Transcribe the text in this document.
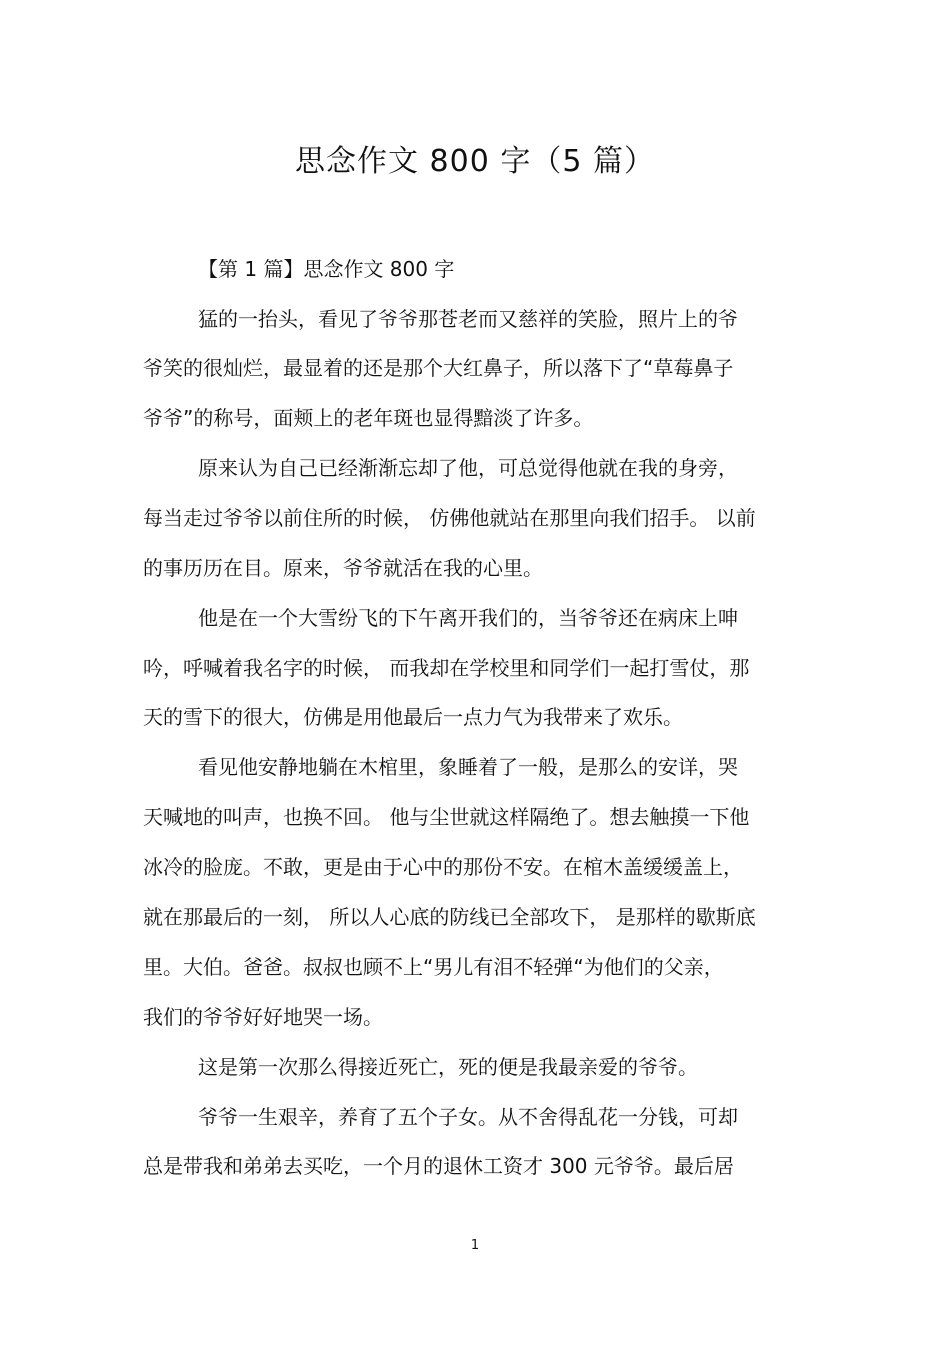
思念作文 800 字（5 篇）
【第 1 篇】思念作文 800 字
猛的一抬头，看见了爷爷那苍老而又慈祥的笑脸，照片上的爷
爷笑的很灿烂，最显着的还是那个大红鼻子，所以落下了“草莓鼻子
爷爷”的称号，面颊上的老年斑也显得黯淡了许多。
原来认为自己已经渐渐忘却了他，可总觉得他就在我的身旁，
每当走过爷爷以前住所的时候， 仿佛他就站在那里向我们招手。 以前
的事历历在目。原来，爷爷就活在我的心里。
他是在一个大雪纷飞的下午离开我们的，当爷爷还在病床上呻
吟，呼喊着我名字的时候， 而我却在学校里和同学们一起打雪仗，那
天的雪下的很大，仿佛是用他最后一点力气为我带来了欢乐。
看见他安静地躺在木棺里，象睡着了一般，是那么的安详，哭
天喊地的叫声，也换不回。 他与尘世就这样隔绝了。想去触摸一下他
冰冷的脸庞。不敢，更是由于心中的那份不安。在棺木盖缓缓盖上，
就在那最后的一刻， 所以人心底的防线已全部攻下， 是那样的歇斯底
里。大伯。爸爸。叔叔也顾不上“男儿有泪不轻弹“为他们的父亲，
我们的爷爷好好地哭一场。
这是第一次那么得接近死亡，死的便是我最亲爱的爷爷。
爷爷一生艰辛，养育了五个子女。从不舍得乱花一分钱，可却
总是带我和弟弟去买吃，一个月的退休工资才 300 元爷爷。最后居
1
